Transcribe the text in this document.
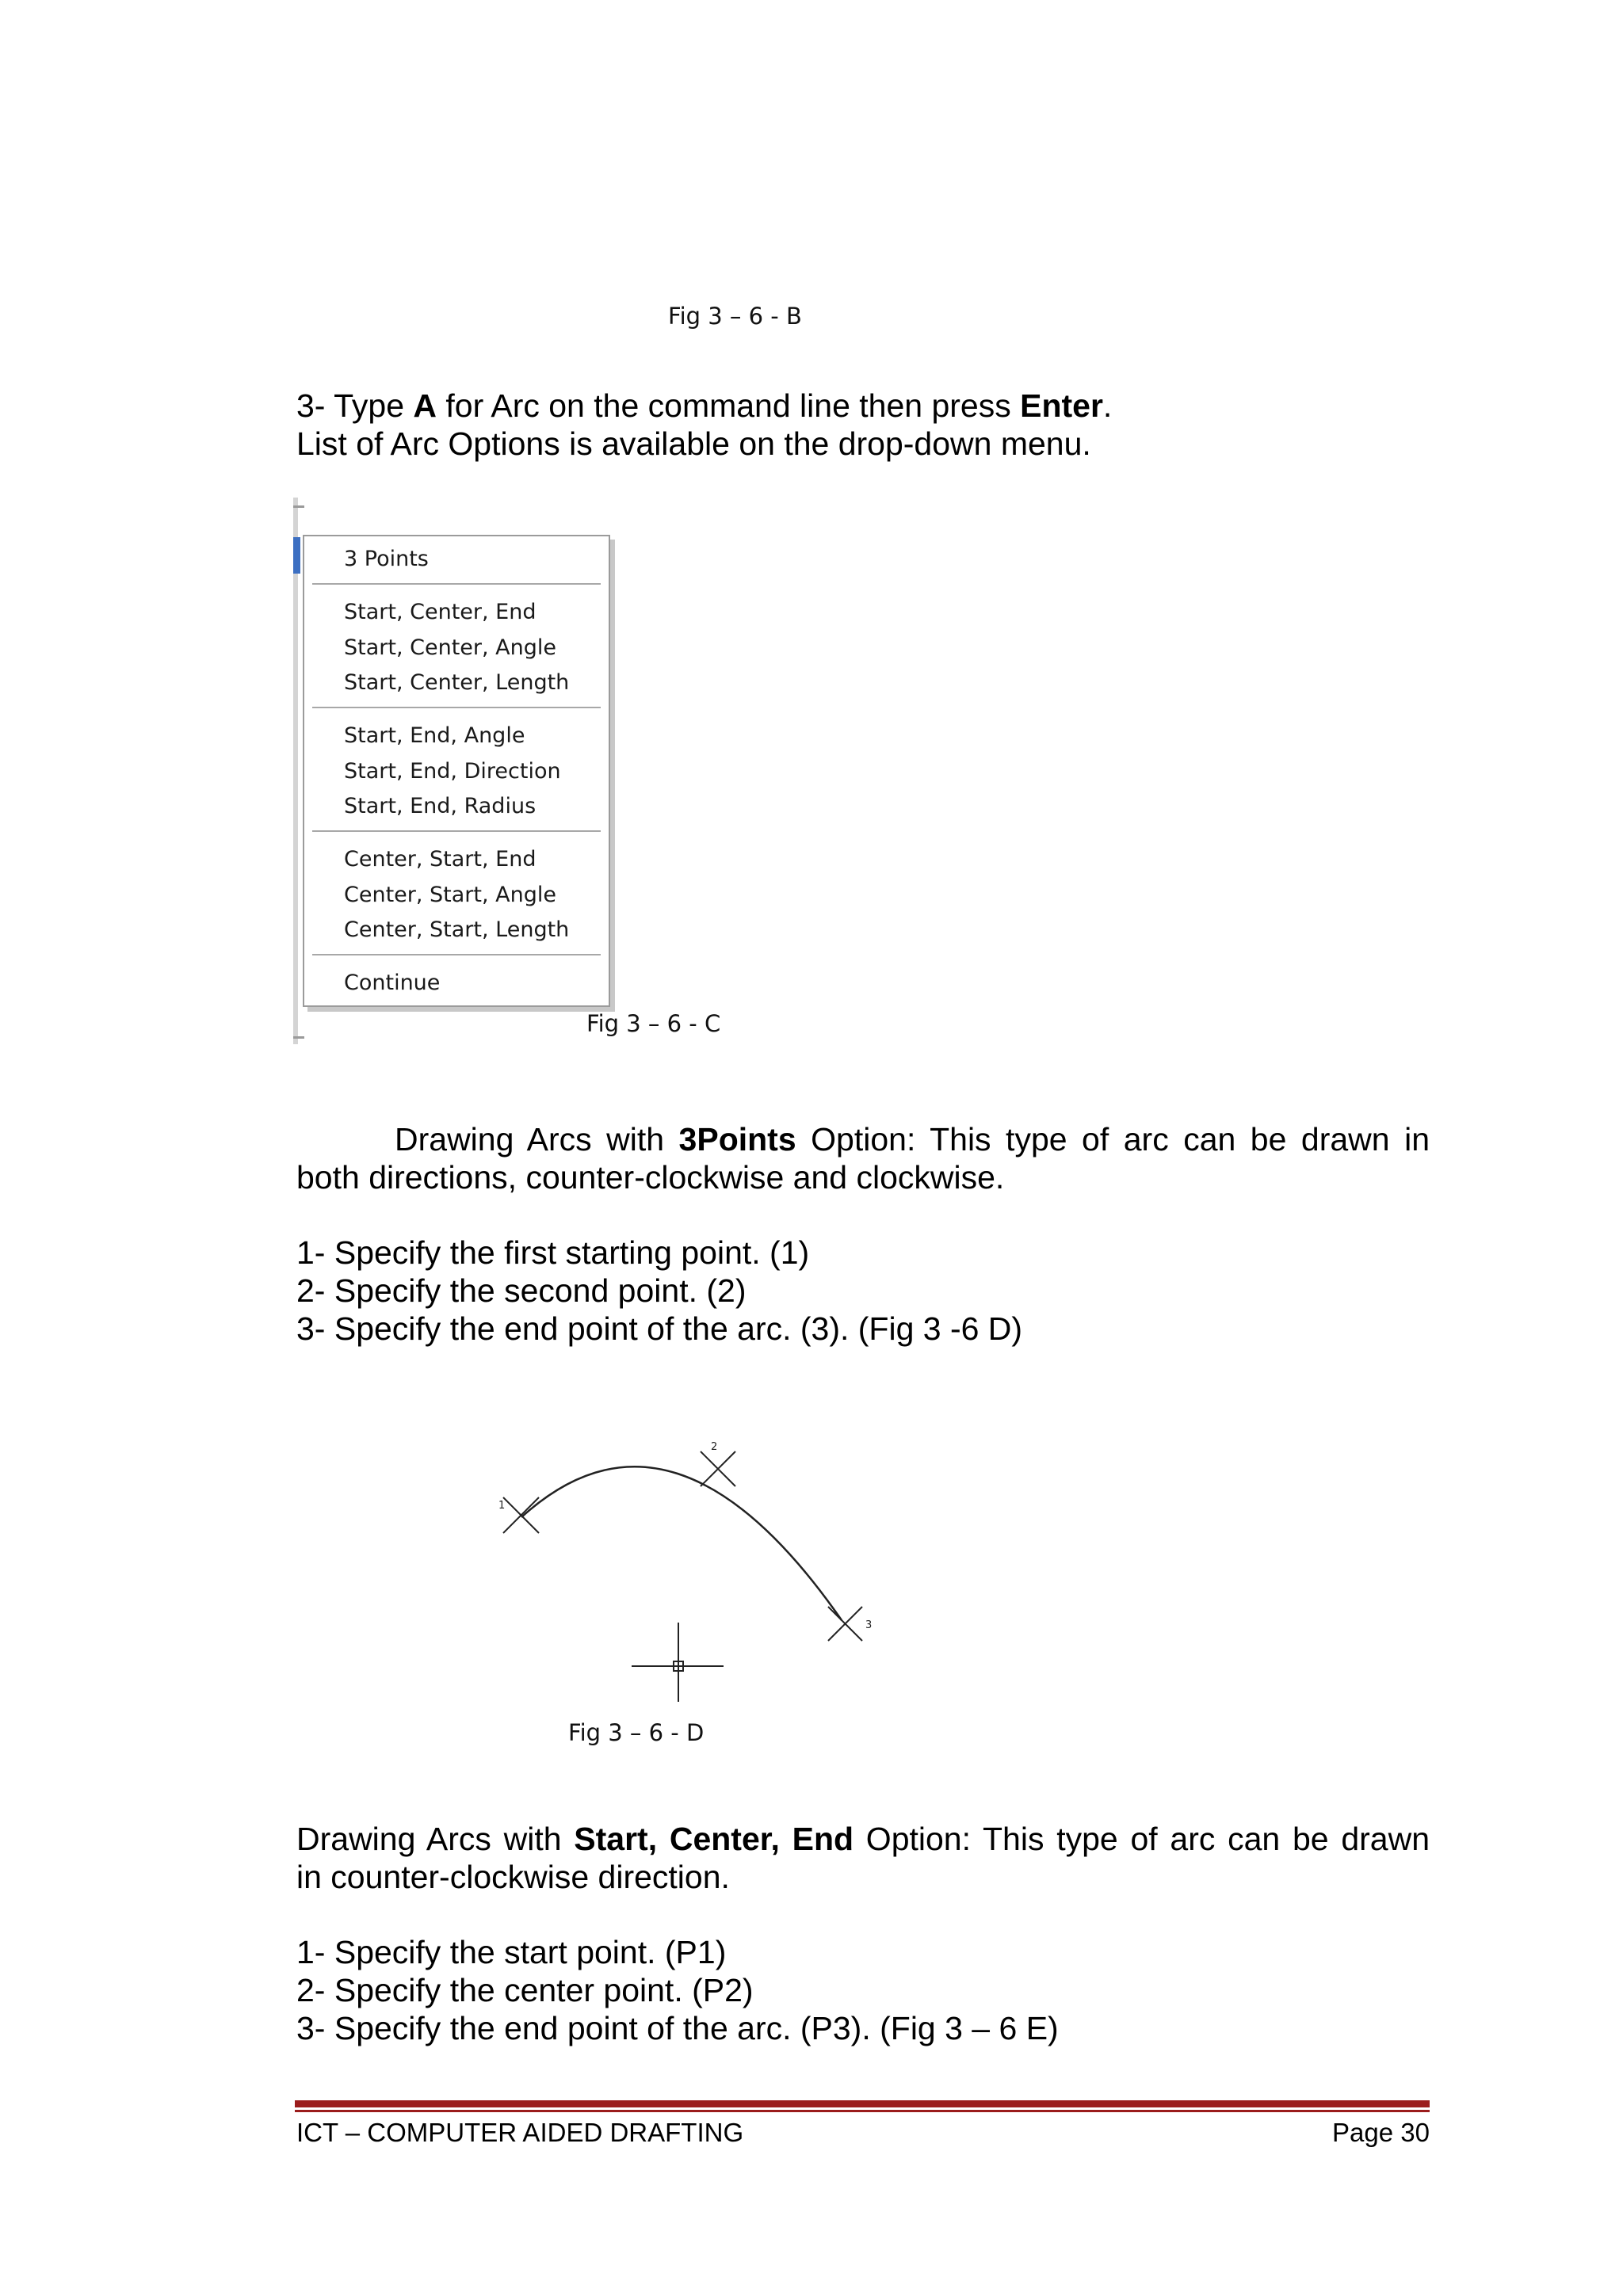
Fig 3 – 6 - B
3- Type A for Arc on the command line then press Enter.
List of Arc Options is available on the drop-down menu.
3 Points
Start, Center, End
Start, Center, Angle
Start, Center, Length
Start, End, Angle
Start, End, Direction
Start, End, Radius
Center, Start, End
Center, Start, Angle
Center, Start, Length
Continue
Fig 3 – 6 - C
Drawing Arcs with 3Points Option: This type of arc can be drawn in
both directions, counter-clockwise and clockwise.
1- Specify the first starting point. (1)
2- Specify the second point. (2)
3- Specify the end point of the arc. (3). (Fig 3 -6 D)
1
2
3
Fig 3 – 6 - D
Drawing Arcs with Start, Center, End Option: This type of arc can be drawn
in counter-clockwise direction.
1- Specify the start point. (P1)
2- Specify the center point. (P2)
3- Specify the end point of the arc. (P3). (Fig 3 – 6 E)
ICT – COMPUTER AIDED DRAFTING	Page 30
